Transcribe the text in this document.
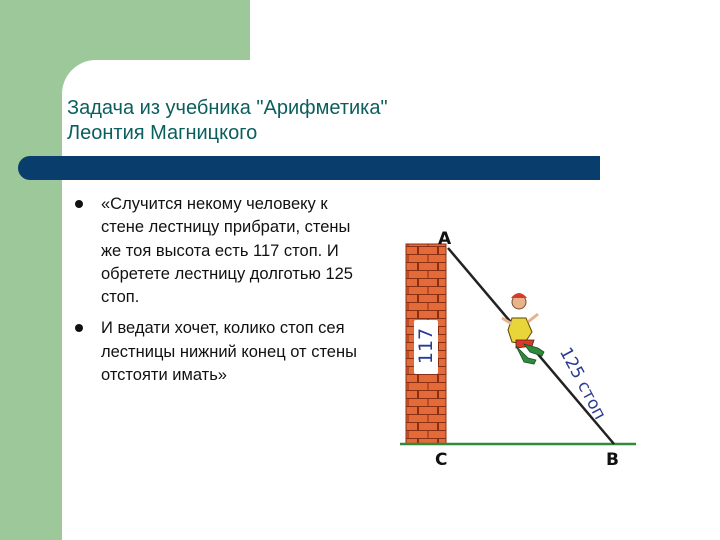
Задача из учебника "Арифметика"
Леонтия Магницкого
«Случится некому человеку к стене лестницу прибрати, стены же тоя высота есть 117 стоп. И обретете лестницу долготью 125 стоп.
И ведати хочет, колико стоп сея лестницы нижний конец от стены отстояти имать»
117	125 стоп
A
C	B
